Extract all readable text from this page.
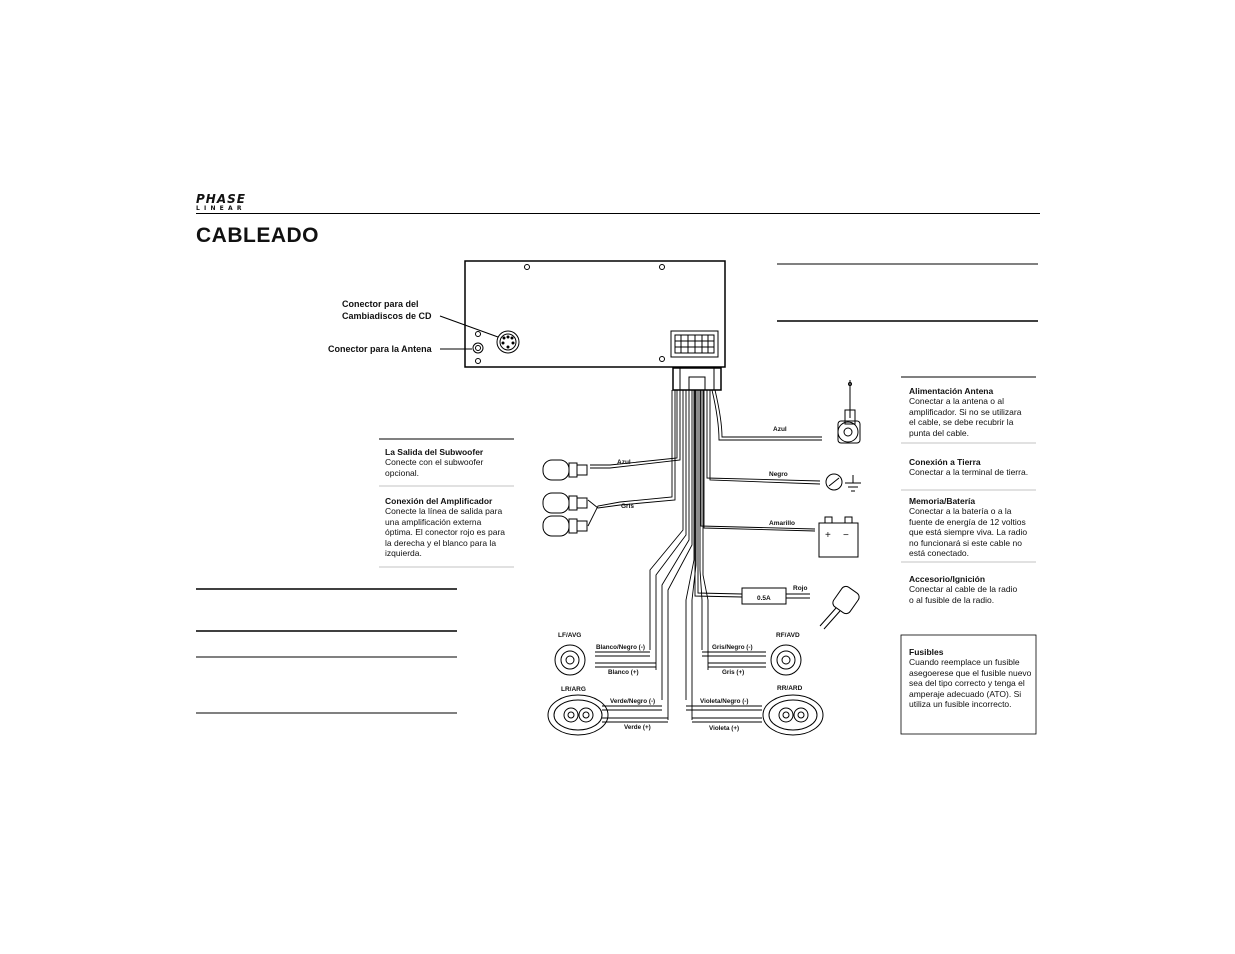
PHASE
LINEAR
CABLEADO
Conector para del
Cambiadiscos de CD
Conector para la Antena
Azul
Negro
Amarillo
Rojo
0.5A
Azul
Gris
Blanco/Negro (-)
Blanco (+)
Gris/Negro (-)
Gris (+)
Verde/Negro (-)
Verde (+)
Violeta/Negro (-)
Violeta (+)
LF/AVG	RF/AVD
LR/ARG	RR/ARD
+ −
La Salida del Subwoofer
Conecte con el subwoofer
opcional.
Conexión del Amplificador
Conecte la línea de salida para
una amplificación externa
óptima. El conector rojo es para
la derecha y el blanco para la
izquierda.
Alimentación Antena
Conectar a la antena o al
amplificador. Si no se utilizara
el cable, se debe recubrir la
punta del cable.
Conexión a Tierra
Conectar a la terminal de tierra.
Memoria/Batería
Conectar a la batería o a la
fuente de energía de 12 voltios
que está siempre viva. La radio
no funcionará si este cable no
está conectado.
Accesorio/Ignición
Conectar al cable de la radio
o al fusible de la radio.
Fusibles
Cuando reemplace un fusible
asegoerese que el fusible nuevo
sea del tipo correcto y tenga el
amperaje adecuado (ATO). Si
utiliza un fusible incorrecto.
